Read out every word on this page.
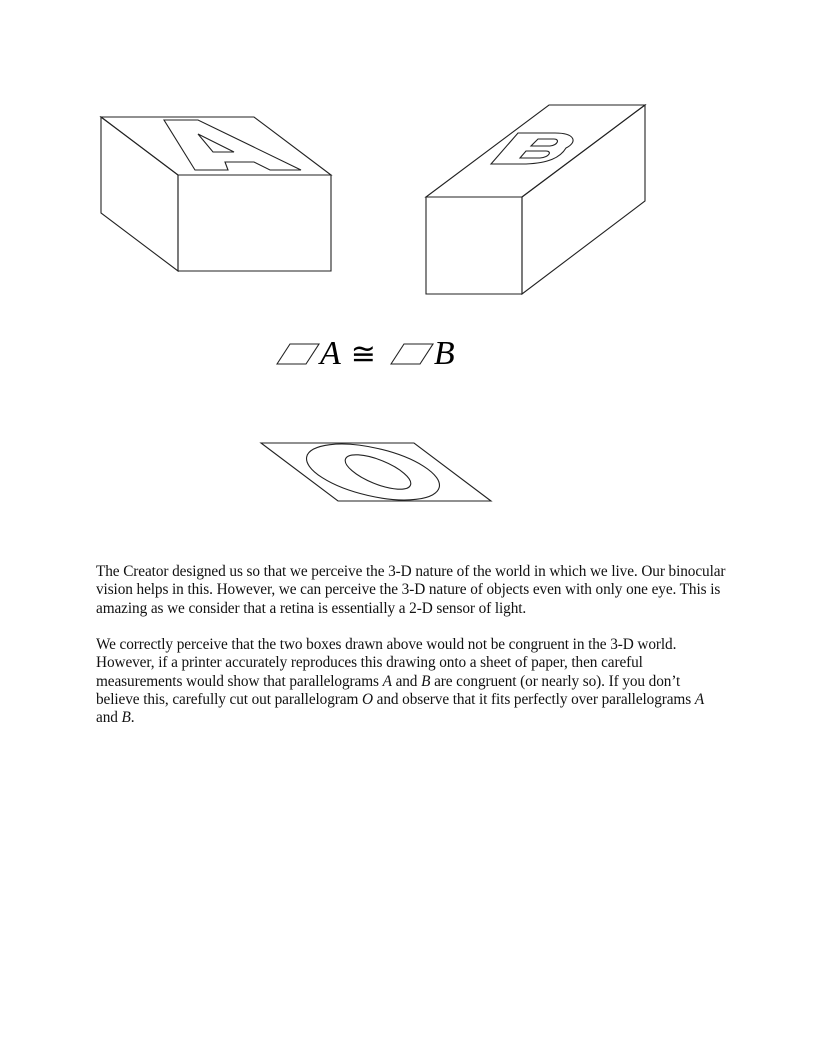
A ≅ B

The Creator designed us so that we perceive the 3-D nature of the world in which we live. Our binocular vision helps in this. However, we can perceive the 3-D nature of objects even with only one eye. This is amazing as we consider that a retina is essentially a 2-D sensor of light.

We correctly perceive that the two boxes drawn above would not be congruent in the 3-D world. However, if a printer accurately reproduces this drawing onto a sheet of paper, then careful measurements would show that parallelograms A and B are congruent (or nearly so). If you don’t believe this, carefully cut out parallelogram O and observe that it fits perfectly over parallelograms A and B.
